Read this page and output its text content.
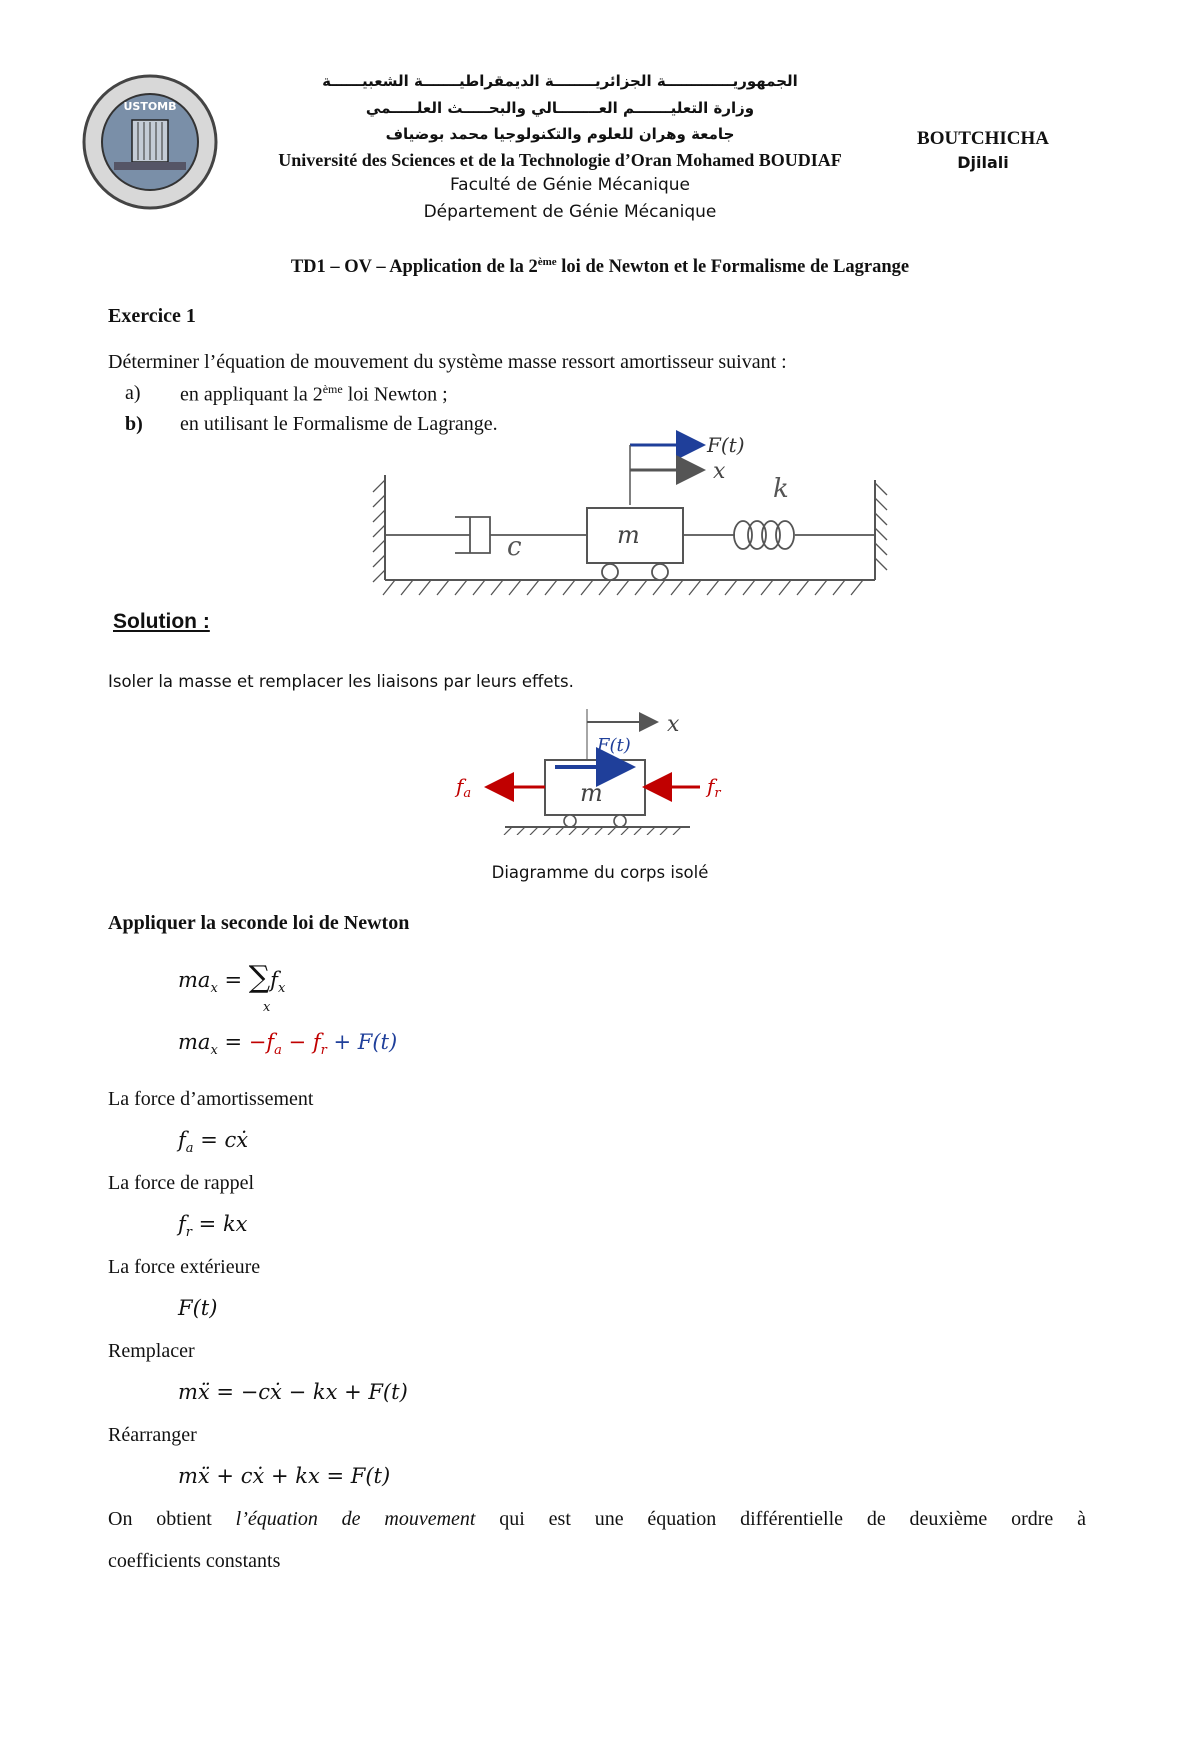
USTOMB
الجمهوريـــــــــــــة الجزائريــــــــة الديمقراطيـــــــة الشعبيــــــة
وزارة التعليـــــــم العــــــــالي والبحـــــث العلـــــمي
جامعة وهران للعلوم والتكنولوجيا محمد بوضياف
Université des Sciences et de la Technologie d’Oran Mohamed BOUDIAF
Faculté de Génie Mécanique
Département de Génie Mécanique
BOUTCHICHA
Djilali
TD1 – OV – Application de la 2ème loi de Newton et le Formalisme de Lagrange
Exercice 1
Déterminer l’équation de mouvement du système masse ressort amortisseur suivant :
a) en appliquant la 2ème loi Newton ;
b) en utilisant le Formalisme de Lagrange.
c	m
k
F(t)
x
Solution :
Isoler la masse et remplacer les liaisons par leurs effets.
x
F(t)
m
$f_a$	$f_r$
Diagramme du corps isolé
Appliquer la seconde loi de Newton
$ma_x = \sum f_x$
x
$ma_x = -f_a - f_r + F(t)$
La force d’amortissement
$f_a$ = cẋ
La force de rappel
$f_r$ = kx
La force extérieure
F(t)
Remplacer
mẍ = −cẋ − kx + F(t)
Réarranger
mẍ + cẋ + kx = F(t)
On obtient l’équation de mouvement qui est une équation différentielle de deuxième ordre à
coefficients constants
